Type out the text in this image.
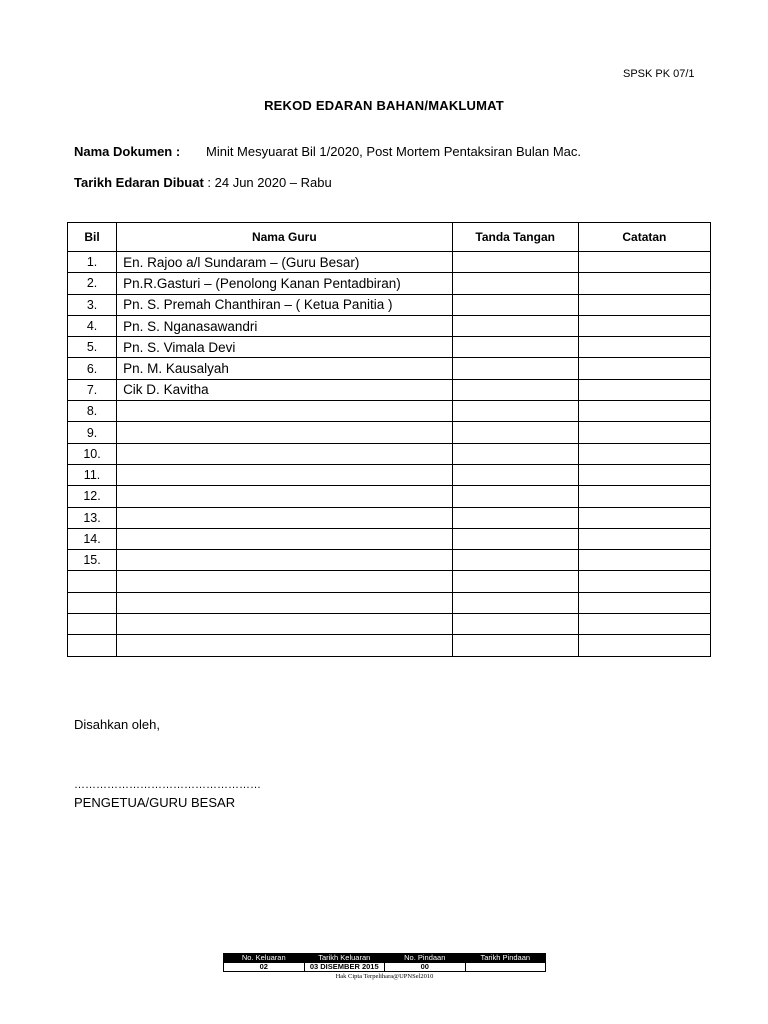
SPSK PK 07/1
REKOD EDARAN BAHAN/MAKLUMAT
Nama Dokumen : Minit Mesyuarat Bil 1/2020, Post Mortem Pentaksiran Bulan Mac.
Tarikh Edaran Dibuat : 24 Jun 2020 – Rabu
Bil	Nama Guru	Tanda Tangan	Catatan
1.	En. Rajoo a/l Sundaram – (Guru Besar)		
2.	Pn.R.Gasturi – (Penolong Kanan Pentadbiran)		
3.	Pn. S. Premah Chanthiran – ( Ketua Panitia )		
4.	Pn. S. Nganasawandri		
5.	Pn. S. Vimala Devi		
6.	Pn. M. Kausalyah		
7.	Cik D. Kavitha		
8.			
9.			
10.			
11.			
12.			
13.			
14.			
15.			

Disahkan oleh,
……………………………………………
PENGETUA/GURU BESAR
No. Keluaran	Tarikh Keluaran	No. Pindaan	Tarikh Pindaan
02	03 DISEMBER 2015	00	
Hak Cipta Terpelihara@UPNSel2010
